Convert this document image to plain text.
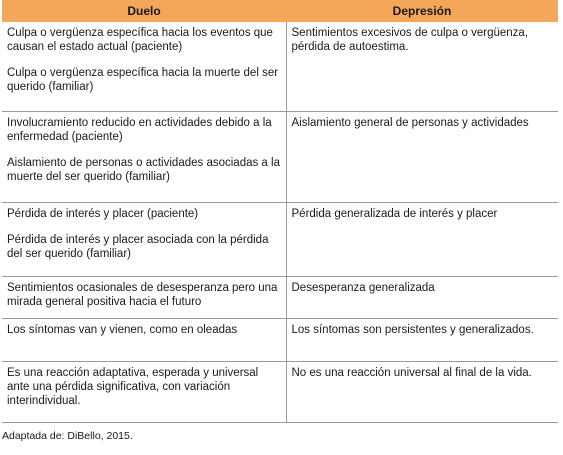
Duelo	Depresión

Culpa o vergüenza específica hacia los eventos que causan el estado actual (paciente)

Culpa o vergüenza específica hacia la muerte del ser querido (familiar)	Sentimientos excesivos de culpa o vergüenza, pérdida de autoestima.

Involucramiento reducido en actividades debido a la enfermedad (paciente)

Aislamiento de personas o actividades asociadas a la muerte del ser querido (familiar)	Aislamiento general de personas y actividades

Pérdida de interés y placer (paciente)

Pérdida de interés y placer asociada con la pérdida del ser querido (familiar)	Pérdida generalizada de interés y placer

Sentimientos ocasionales de desesperanza pero una mirada general positiva hacia el futuro	Desesperanza generalizada

Los síntomas van y vienen, como en oleadas	Los síntomas son persistentes y generalizados.

Es una reacción adaptativa, esperada y universal ante una pérdida significativa, con variación interindividual.	No es una reacción universal al final de la vida.

Adaptada de: DiBello, 2015.
